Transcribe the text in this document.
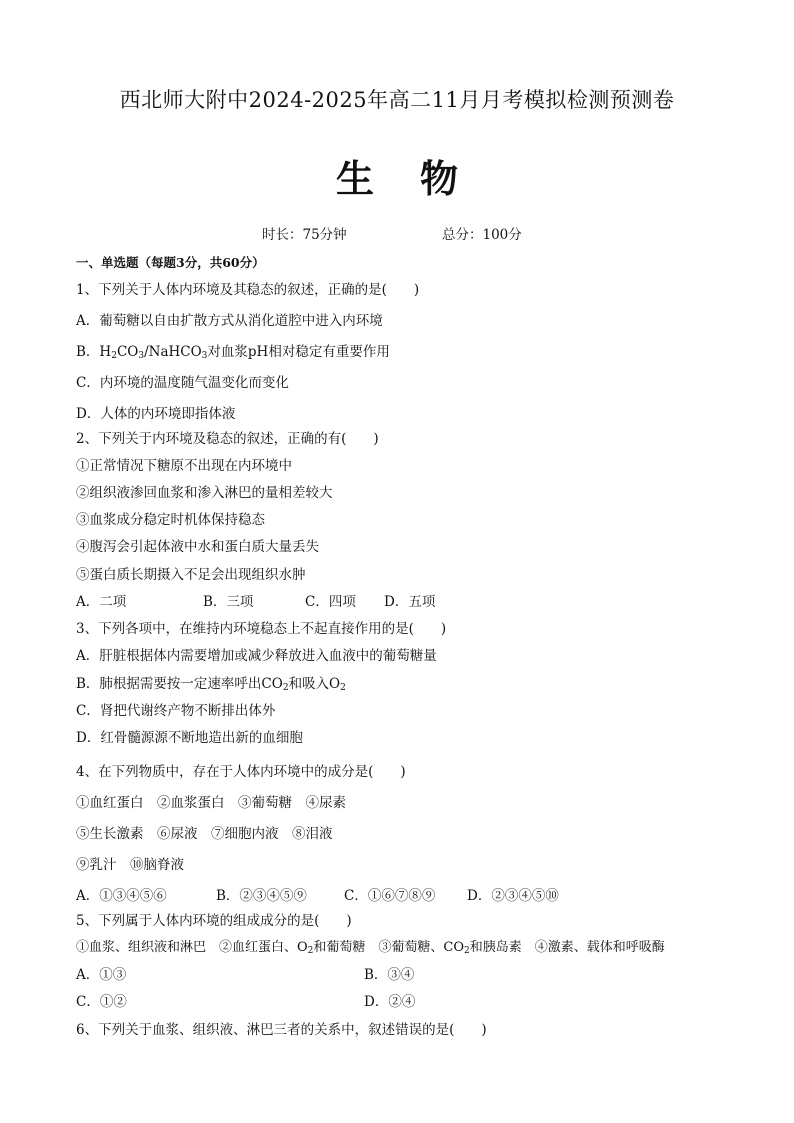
西北师大附中2024-2025年高二11月月考模拟检测预测卷
生 物
时长：75分钟	总分：100分
一、单选题（每题3分，共60分）
1、下列关于人体内环境及其稳态的叙述，正确的是(　　)
A．葡萄糖以自由扩散方式从消化道腔中进入内环境
B．$H_2CO_3/NaHCO_3$对血浆pH相对稳定有重要作用
C．内环境的温度随气温变化而变化
D．人体的内环境即指体液
2、下列关于内环境及稳态的叙述，正确的有(　　)
①正常情况下糖原不出现在内环境中
②组织液渗回血浆和渗入淋巴的量相差较大
③血浆成分稳定时机体保持稳态
④腹泻会引起体液中水和蛋白质大量丢失
⑤蛋白质长期摄入不足会出现组织水肿
A．二项	B．三项	C．四项 D．五项
3、下列各项中，在维持内环境稳态上不起直接作用的是(　　)
A．肝脏根据体内需要增加或减少释放进入血液中的葡萄糖量
B．肺根据需要按一定速率呼出$CO_2$和吸入$O_2$
C．肾把代谢终产物不断排出体外
D．红骨髓源源不断地造出新的血细胞
4、在下列物质中，存在于人体内环境中的成分是(　　)
①血红蛋白　②血浆蛋白　③葡萄糖　④尿素
⑤生长激素　⑥尿液　⑦细胞内液　⑧泪液
⑨乳汁　⑩脑脊液
A．①③④⑤⑥	B．②③④⑤⑨	C．①⑥⑦⑧⑨ D．②③④⑤⑩
5、下列属于人体内环境的组成成分的是(　　)
①血浆、组织液和淋巴　②血红蛋白、$O_2$和葡萄糖　③葡萄糖、$CO_2$和胰岛素　④激素、载体和呼吸酶
A．①③	B．③④
C．①②	D．②④
6、下列关于血浆、组织液、淋巴三者的关系中，叙述错误的是(　　)
